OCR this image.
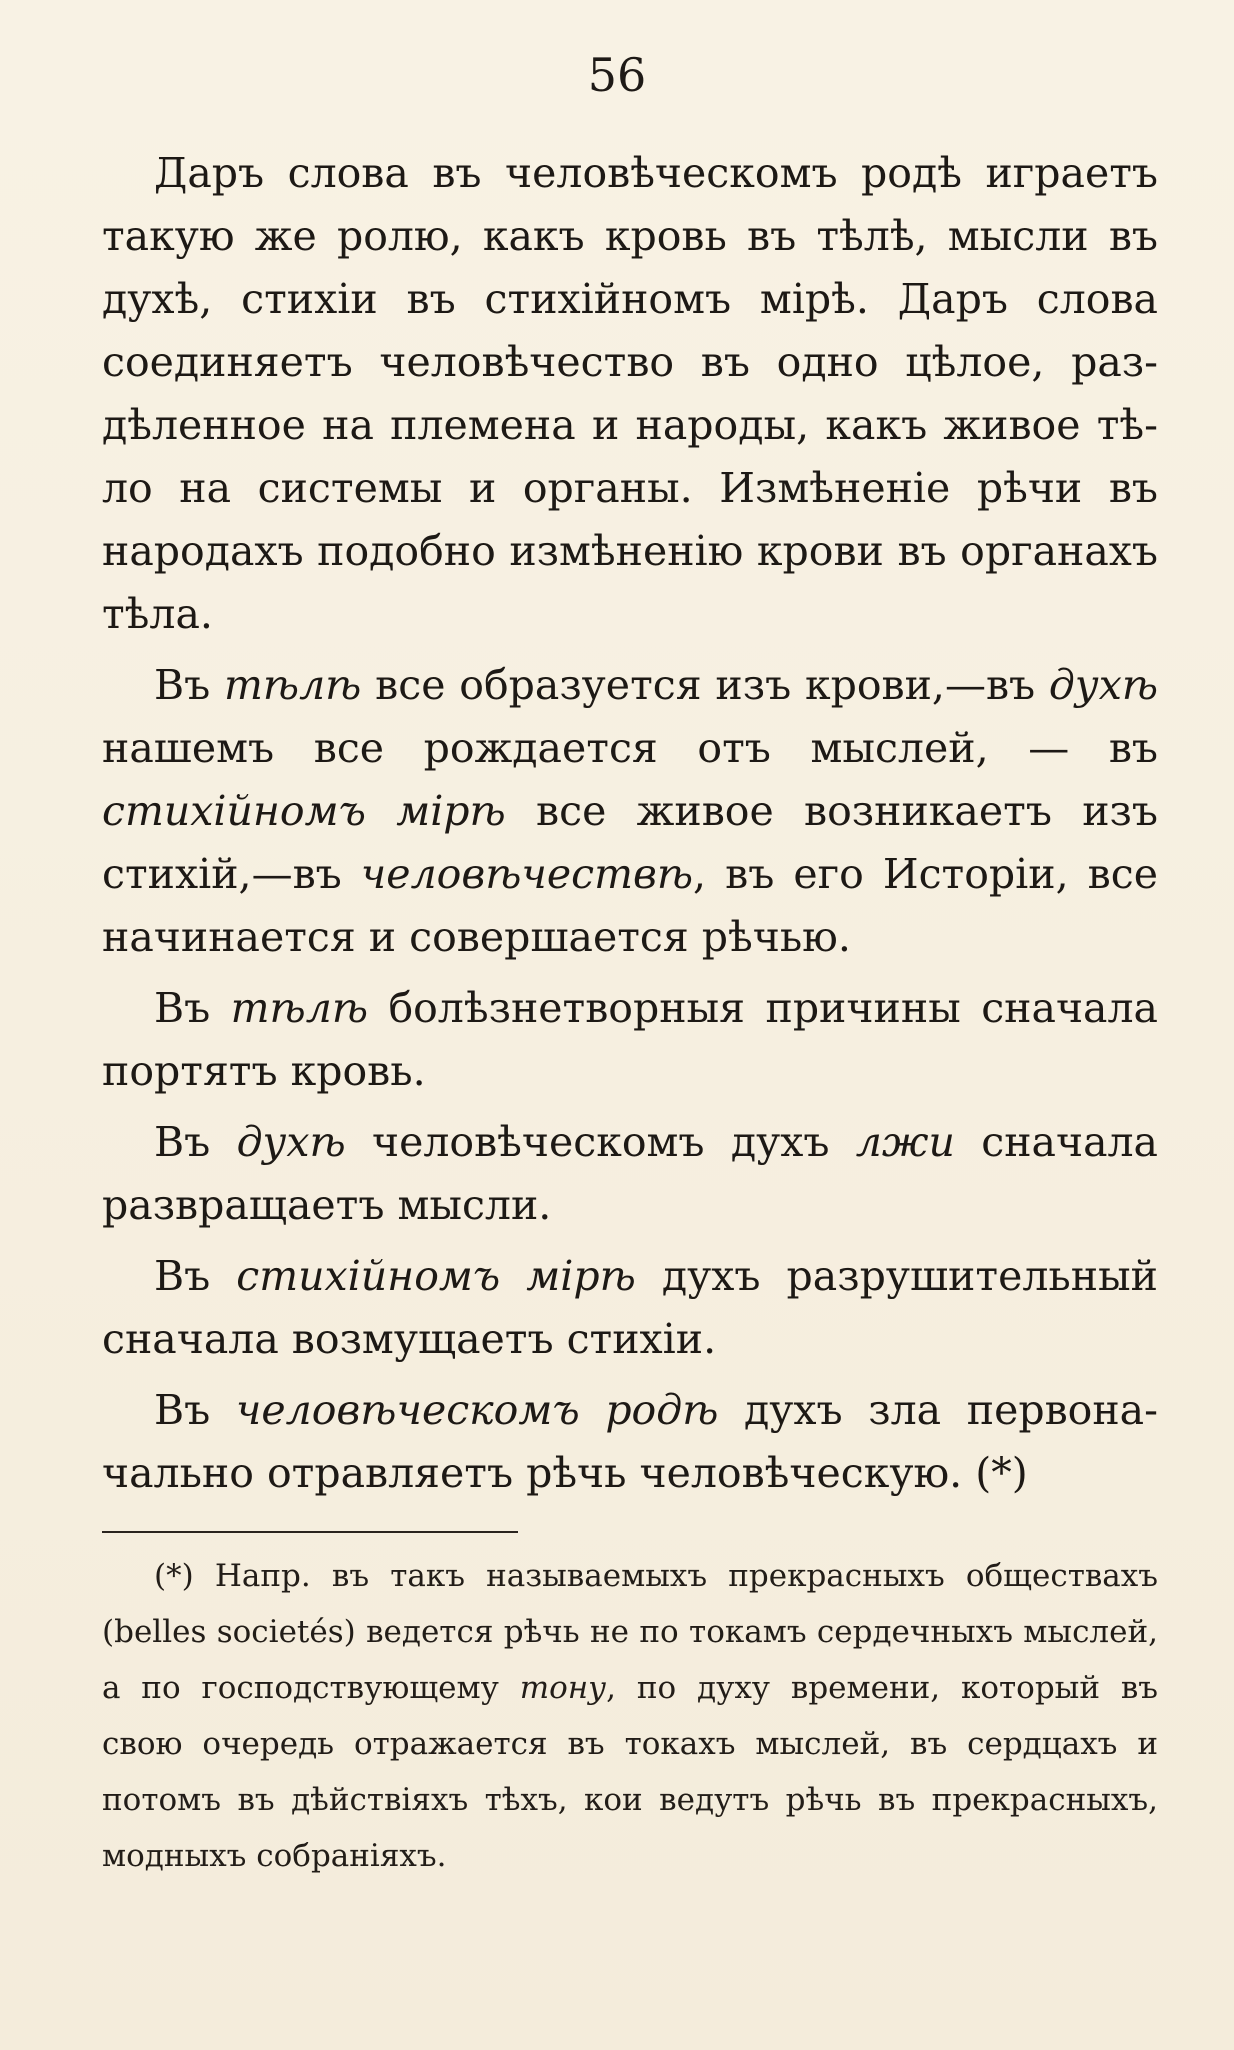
56

Даръ слова въ человѣческомъ родѣ играетъ такую же ролю, какъ кровь въ тѣлѣ, мысли въ духѣ, стихіи въ стихійномъ мірѣ. Даръ слова соединяетъ человѣчество въ одно цѣлое, раздѣленное на племена и народы, какъ живое тѣло на системы и органы. Измѣненіе рѣчи въ народахъ подобно измѣненію крови въ органахъ тѣла.

Въ тѣлѣ все образуется изъ крови,—въ духѣ нашемъ все рождается отъ мыслей, — въ стихійномъ мірѣ все живое возникаетъ изъ стихій,—въ человѣчествѣ, въ его Исторіи, все начинается и совершается рѣчью.

Въ тѣлѣ болѣзнетворныя причины сначала портятъ кровь.

Въ духѣ человѣческомъ духъ лжи сначала развращаетъ мысли.

Въ стихійномъ мірѣ духъ разрушительный сначала возмущаетъ стихіи.

Въ человѣческомъ родѣ духъ зла первоначально отравляетъ рѣчь человѣческую. (*)

(*) Напр. въ такъ называемыхъ прекрасныхъ обществахъ (belles societés) ведется рѣчь не по токамъ сердечныхъ мыслей, а по господствующему тону, по духу времени, который въ свою очередь отражается въ токахъ мыслей, въ сердцахъ и потомъ въ дѣйствіяхъ тѣхъ, кои ведутъ рѣчь въ прекрасныхъ, модныхъ собраніяхъ.
